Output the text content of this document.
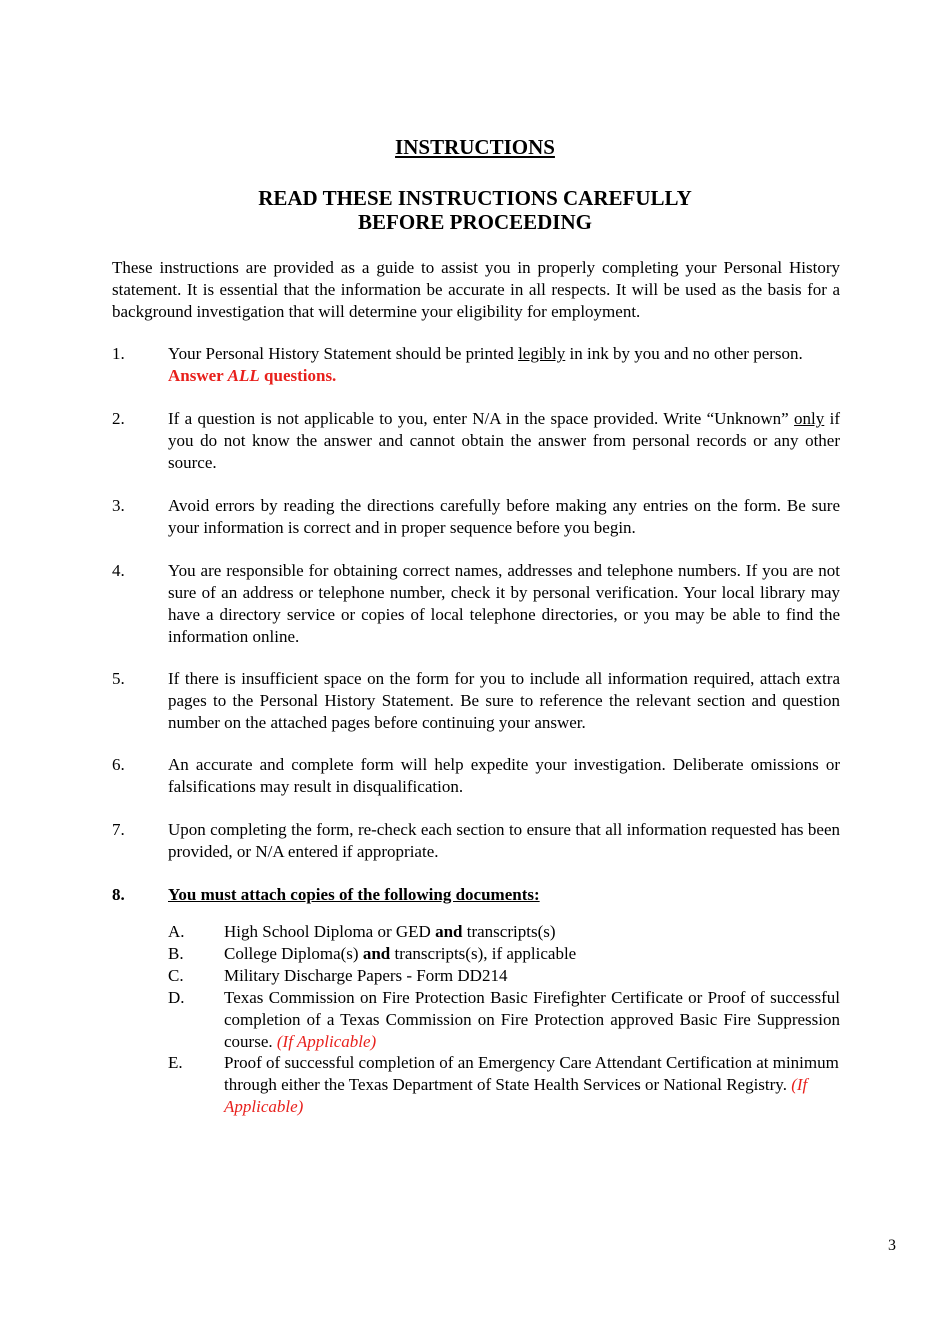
INSTRUCTIONS
READ THESE INSTRUCTIONS CAREFULLY
BEFORE PROCEEDING
These instructions are provided as a guide to assist you in properly completing your Personal History statement. It is essential that the information be accurate in all respects. It will be used as the basis for a background investigation that will determine your eligibility for employment.
1.	Your Personal History Statement should be printed legibly in ink by you and no other person.
Answer ALL questions.
2.	If a question is not applicable to you, enter N/A in the space provided. Write “Unknown” only if you do not know the answer and cannot obtain the answer from personal records or any other source.
3.	Avoid errors by reading the directions carefully before making any entries on the form. Be sure your information is correct and in proper sequence before you begin.
4.	You are responsible for obtaining correct names, addresses and telephone numbers. If you are not sure of an address or telephone number, check it by personal verification. Your local library may have a directory service or copies of local telephone directories, or you may be able to find the information online.
5.	If there is insufficient space on the form for you to include all information required, attach extra pages to the Personal History Statement. Be sure to reference the relevant section and question number on the attached pages before continuing your answer.
6.	An accurate and complete form will help expedite your investigation. Deliberate omissions or falsifications may result in disqualification.
7.	Upon completing the form, re-check each section to ensure that all information requested has been provided, or N/A entered if appropriate.
8.	You must attach copies of the following documents:
A.	High School Diploma or GED and transcripts(s)
B.	College Diploma(s) and transcripts(s), if applicable
C.	Military Discharge Papers - Form DD214
D.	Texas Commission on Fire Protection Basic Firefighter Certificate or Proof of successful completion of a Texas Commission on Fire Protection approved Basic Fire Suppression course. (If Applicable)
E.	Proof of successful completion of an Emergency Care Attendant Certification at minimum through either the Texas Department of State Health Services or National Registry. (If Applicable)
3
